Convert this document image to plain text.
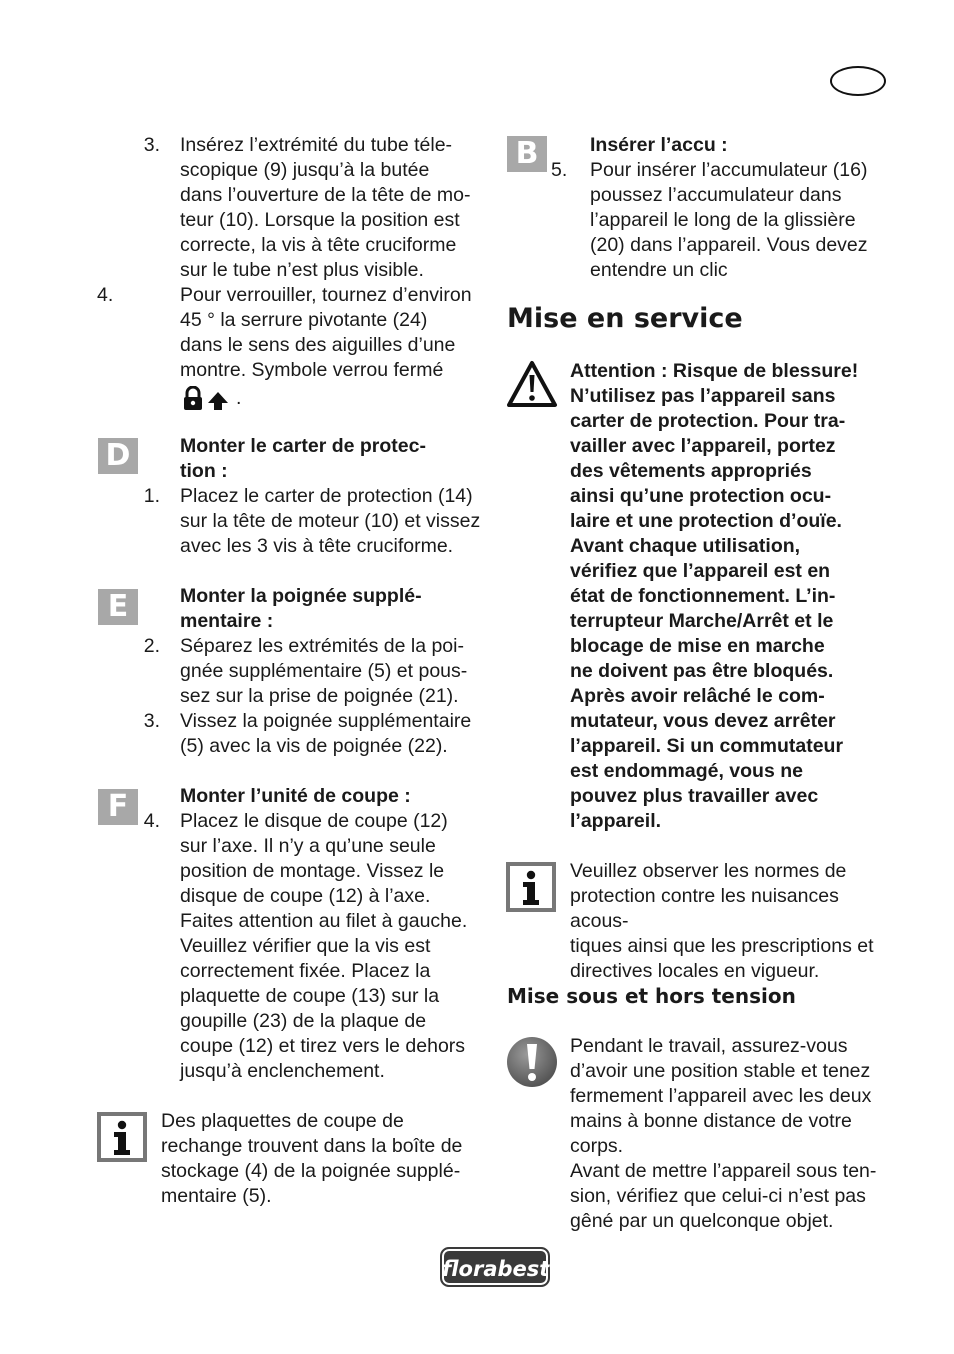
3. Insérez l’extrémité du tube téle-
scopique (9) jusqu’à la butée
dans l’ouverture de la tête de mo-
teur (10). Lorsque la position est
correcte, la vis à tête cruciforme
sur le tube n’est plus visible.
4.	Pour verrouiller, tournez d’environ
45 ° la serrure pivotante (24)
dans le sens des aiguilles d’une
montre. Symbole verrou fermé
.
D	Monter le carter de protec-
tion :
1. Placez le carter de protection (14)
sur la tête de moteur (10) et vissez
avec les 3 vis à tête cruciforme.
E	Monter la poignée supplé-
mentaire :
2. Séparez les extrémités de la poi-
gnée supplémentaire (5) et pous-
sez sur la prise de poignée (21).
3. Vissez la poignée supplémentaire
(5) avec la vis de poignée (22).
F	Monter l’unité de coupe :
4. Placez le disque de coupe (12)
sur l’axe. Il n’y a qu’une seule
position de montage. Vissez le
disque de coupe (12) à l’axe.
Faites attention au filet à gauche.
Veuillez vérifier que la vis est
correctement fixée. Placez la
plaquette de coupe (13) sur la
goupille (23) de la plaque de
coupe (12) et tirez vers le dehors
jusqu’à enclenchement.
Des plaquettes de coupe de
rechange trouvent dans la boîte de
stockage (4) de la poignée supplé-
mentaire (5).
B	Insérer l’accu :
5. Pour insérer l’accumulateur (16)
poussez l’accumulateur dans
l’appareil le long de la glissière
(20) dans l’appareil. Vous devez
entendre un clic
Mise en service
Attention : Risque de blessure!
N’utilisez pas l’appareil sans
carter de protection. Pour tra-
vailler avec l’appareil, portez
des vêtements appropriés
ainsi qu’une protection ocu-
laire et une protection d’ouïe.
Avant chaque utilisation,
vérifiez que l’appareil est en
état de fonctionnement. L’in-
terrupteur Marche/Arrêt et le
blocage de mise en marche
ne doivent pas être bloqués.
Après avoir relâché le com-
mutateur, vous devez arrêter
l’appareil. Si un commutateur
est endommagé, vous ne
pouvez plus travailler avec
l’appareil.
Veuillez observer les normes de
protection contre les nuisances acous-
tiques ainsi que les prescriptions et
directives locales en vigueur.
Mise sous et hors tension
Pendant le travail, assurez-vous
d’avoir une position stable et tenez
fermement l’appareil avec les deux
mains à bonne distance de votre
corps.
Avant de mettre l’appareil sous ten-
sion, vérifiez que celui-ci n’est pas
gêné par un quelconque objet.
florabest
